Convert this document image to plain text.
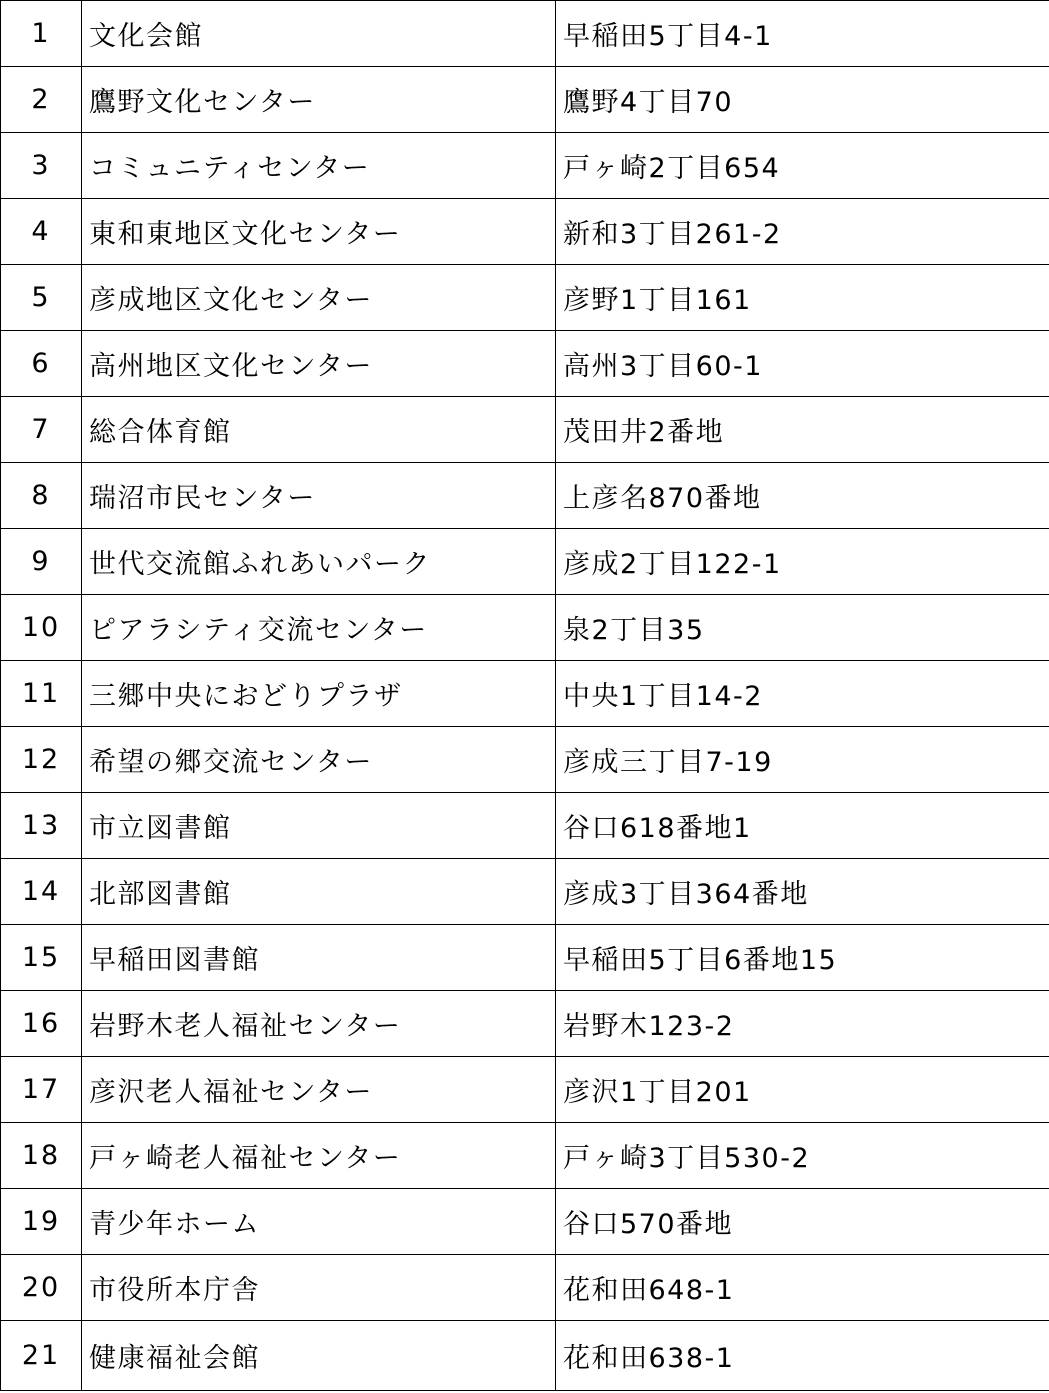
1	文化会館	早稲田5丁目4-1
2	鷹野文化センター	鷹野4丁目70
3	コミュニティセンター	戸ヶ崎2丁目654
4	東和東地区文化センター	新和3丁目261-2
5	彦成地区文化センター	彦野1丁目161
6	高州地区文化センター	高州3丁目60-1
7	総合体育館	茂田井2番地
8	瑞沼市民センター	上彦名870番地
9	世代交流館ふれあいパーク	彦成2丁目122-1
10	ピアラシティ交流センター	泉2丁目35
11	三郷中央におどりプラザ	中央1丁目14-2
12	希望の郷交流センター	彦成三丁目7-19
13	市立図書館	谷口618番地1
14	北部図書館	彦成3丁目364番地
15	早稲田図書館	早稲田5丁目6番地15
16	岩野木老人福祉センター	岩野木123-2
17	彦沢老人福祉センター	彦沢1丁目201
18	戸ヶ崎老人福祉センター	戸ヶ崎3丁目530-2
19	青少年ホーム	谷口570番地
20	市役所本庁舎	花和田648-1
21	健康福祉会館	花和田638-1
